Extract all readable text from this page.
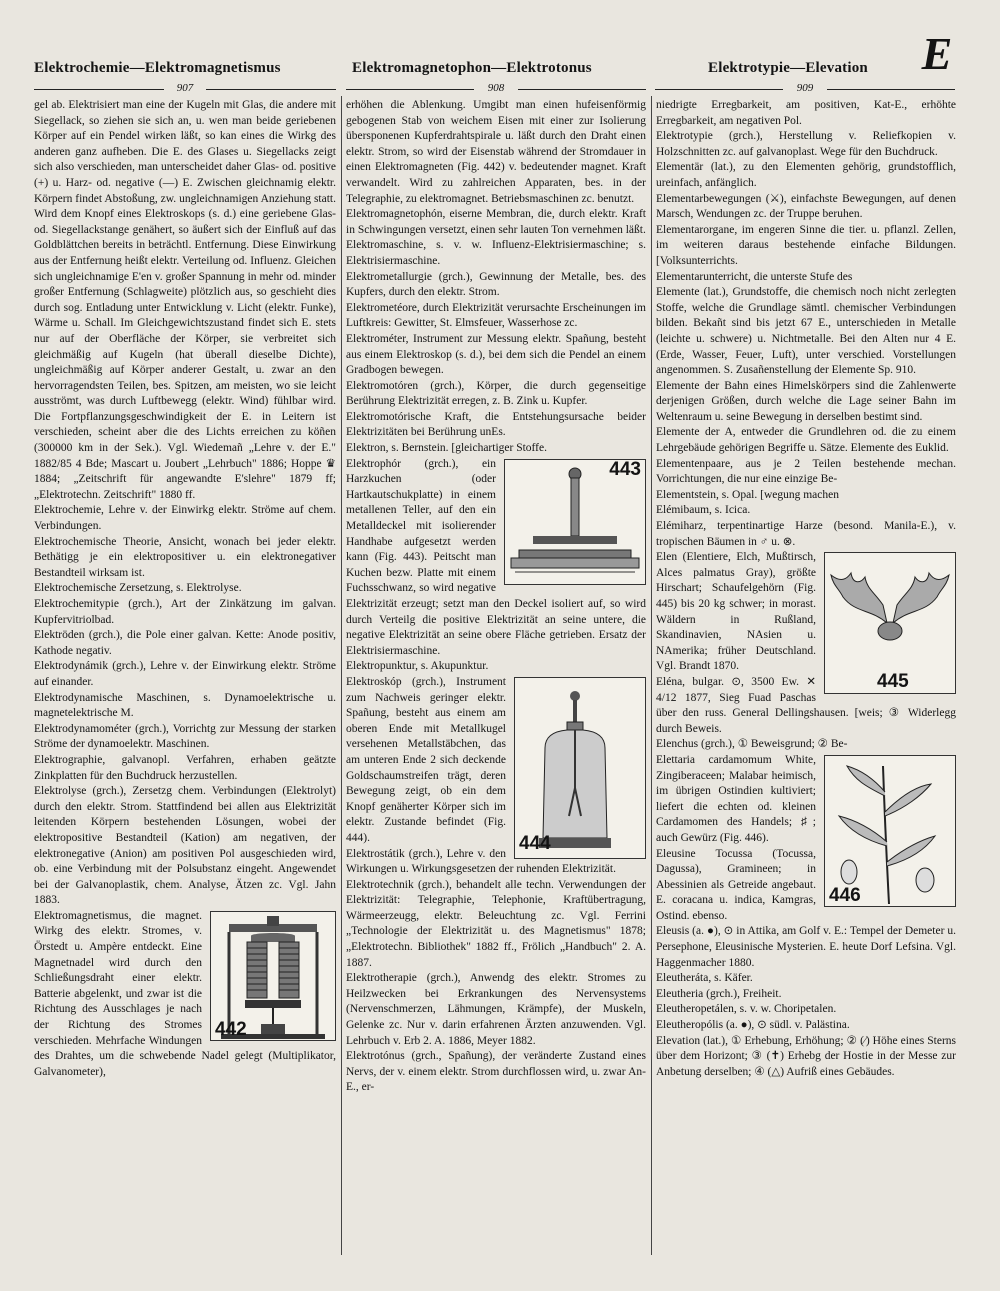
E
Elektrochemie—Elektromagnetismus	Elektromagnetophon—Elektrotonus	Elektrotypie—Elevation
907	908	909

gel ab. Elektrisiert man eine der Kugeln mit Glas, die andere mit Siegellack, so ziehen sie sich an, u. wen man beide geriebenen Körper auf ein Pendel wirken läßt, so kan eines die Wirkg des anderen ganz aufheben. Die E. des Glases u. Siegellacks zeigt sich also verschieden, man unterscheidet daher Glas- od. positive (+) u. Harz- od. negative (—) E. Zwischen gleichnamig elektr. Körpern findet Abstoßung, zw. ungleichnamigen Anziehung statt. Wird dem Knopf eines Elektroskops (s. d.) eine geriebene Glas- od. Siegellackstange genähert, so äußert sich der Einfluß auf das Goldblättchen bereits in beträchtl. Entfernung. Diese Einwirkung aus der Entfernung heißt elektr. Verteilung od. Influenz. Gleichen sich ungleichnamige E'en v. großer Spannung in mehr od. minder großer Entfernung (Schlagweite) plötzlich aus, so geschieht dies durch sog. Entladung unter Entwicklung v. Licht (elektr. Funke), Wärme u. Schall. Im Gleichgewichtszustand findet sich E. stets nur auf der Oberfläche der Körper, sie verbreitet sich gleichmäßig auf Kugeln (hat überall dieselbe Dichte), ungleichmäßig auf Körper anderer Gestalt, u. zwar an den hervorragendsten Teilen, bes. Spitzen, am meisten, wo sie leicht ausströmt, was durch Luftbewegg (elektr. Wind) fühlbar wird. Die Fortpflanzungsgeschwindigkeit der E. in Leitern ist verschieden, scheint aber die des Lichts erreichen zu köñen (300000 km in der Sek.). Vgl. Wiedemañ „Lehre v. der E." 1882/85 4 Bde; Mascart u. Joubert „Lehrbuch" 1886; Hoppe ♛ 1884; „Zeitschrift für angewandte E'slehre" 1879 ff; „Elektrotechn. Zeitschrift" 1880 ff.

Elektrochemie, Lehre v. der Einwirkg elektr. Ströme auf chem. Verbindungen.

Elektrochemische Theorie, Ansicht, wonach bei jeder elektr. Bethätigg je ein elektropositiver u. ein elektronegativer Bestandteil wirksam ist.

Elektrochemische Zersetzung, s. Elektrolyse.

Elektrochemitypie (grch.), Art der Zinkätzung im galvan. Kupfervitriolbad.

Elektröden (grch.), die Pole einer galvan. Kette: Anode positiv, Kathode negativ.

Elektrodynámik (grch.), Lehre v. der Einwirkung elektr. Ströme auf einander.

Elektrodynamische Maschinen, s. Dynamoelektrische u. magnetelektrische M.

Elektrodynamométer (grch.), Vorrichtg zur Messung der starken Ströme der dynamoelektr. Maschinen.

Elektrographie, galvanopl. Verfahren, erhaben geätzte Zinkplatten für den Buchdruck herzustellen.

Elektrolyse (grch.), Zersetzg chem. Verbindungen (Elektrolyt) durch den elektr. Strom. Stattfindend bei allen aus Elektrizität leitenden Körpern bestehenden Lösungen, wobei der elektropositive Bestandteil (Kation) am negativen, der elektronegative (Anion) am positiven Pol ausgeschieden wird, ob. eine Verbindung mit der Polsubstanz eingeht. Angewendet bei der Galvanoplastik, chem. Analyse, Ätzen zc. Vgl. Jahn 1883.

442

Elektromagnetismus, die magnet. Wirkg des elektr. Stromes, v. Örstedt u. Ampère entdeckt. Eine Magnetnadel wird durch den Schließungsdraht einer elektr. Batterie abgelenkt, und zwar ist die Richtung des Ausschlages je nach der Richtung des Stromes verschieden. Mehrfache Windungen des Drahtes, um die schwebende Nadel gelegt (Multiplikator, Galvanometer),

erhöhen die Ablenkung. Umgibt man einen hufeisenförmig gebogenen Stab von weichem Eisen mit einer zur Isolierung übersponenen Kupferdrahtspirale u. läßt durch den Draht einen elektr. Strom, so wird der Eisenstab während der Stromdauer in einen Elektromagneten (Fig. 442) v. bedeutender magnet. Kraft verwandelt. Wird zu zahlreichen Apparaten, bes. in der Telegraphie, zu elektromagnet. Betriebsmaschinen zc. benutzt.

Elektromagnetophón, eiserne Membran, die, durch elektr. Kraft in Schwingungen versetzt, einen sehr lauten Ton vernehmen läßt.

Elektromaschine, s. v. w. Influenz-Elektrisiermaschine; s. Elektrisiermaschine.

Elektrometallurgie (grch.), Gewinnung der Metalle, bes. des Kupfers, durch den elektr. Strom.

Elektrometéore, durch Elektrizität verursachte Erscheinungen im Luftkreis: Gewitter, St. Elmsfeuer, Wasserhose zc.

Elektrométer, Instrument zur Messung elektr. Spañung, besteht aus einem Elektroskop (s. d.), bei dem sich die Pendel an einem Gradbogen bewegen.

Elektromotóren (grch.), Körper, die durch gegenseitige Berührung Elektrizität erregen, z. B. Zink u. Kupfer.

Elektromotórische Kraft, die Entstehungsursache beider Elektrizitäten bei Berührung unEs.

Elektron, s. Bernstein. [gleichartiger Stoffe.

443

Elektrophór (grch.), ein Harzkuchen (oder Hartkautschukplatte) in einem metallenen Teller, auf den ein Metalldeckel mit isolierender Handhabe aufgesetzt werden kann (Fig. 443). Peitscht man Kuchen bezw. Platte mit einem Fuchsschwanz, so wird negative Elektrizität erzeugt; setzt man den Deckel isoliert auf, so wird durch Verteilg die positive Elektrizität an seine untere, die negative Elektrizität an seine obere Fläche getrieben. Ersatz der Elektrisiermaschine.

Elektropunktur, s. Akupunktur.

444

Elektroskóp (grch.), Instrument zum Nachweis geringer elektr. Spañung, besteht aus einem am oberen Ende mit Metallkugel versehenen Metallstäbchen, das am unteren Ende 2 sich deckende Goldschaumstreifen trägt, deren Bewegung zeigt, ob ein dem Knopf genäherter Körper sich im elektr. Zustande befindet (Fig. 444).

Elektrostátik (grch.), Lehre v. den Wirkungen u. Wirkungsgesetzen der ruhenden Elektrizität.

Elektrotechnik (grch.), behandelt alle techn. Verwendungen der Elektrizität: Telegraphie, Telephonie, Kraftübertragung, Wärmeerzeugg, elektr. Beleuchtung zc. Vgl. Ferrini „Technologie der Elektrizität u. des Magnetismus" 1878; „Elektrotechn. Bibliothek" 1882 ff., Frölich „Handbuch" 2. A. 1887.

Elektrotherapie (grch.), Anwendg des elektr. Stromes zu Heilzwecken bei Erkrankungen des Nervensystems (Nervenschmerzen, Lähmungen, Krämpfe), der Muskeln, Gelenke zc. Nur v. darin erfahrenen Ärzten anzuwenden. Vgl. Lehrbuch v. Erb 2. A. 1886, Meyer 1882.

Elektrotónus (grch., Spañung), der veränderte Zustand eines Nervs, der v. einem elektr. Strom durchflossen wird, u. zwar An-E., er-

niedrigte Erregbarkeit, am positiven, Kat-E., erhöhte Erregbarkeit, am negativen Pol.

Elektrotypie (grch.), Herstellung v. Reliefkopien v. Holzschnitten zc. auf galvanoplast. Wege für den Buchdruck.

Elementär (lat.), zu den Elementen gehörig, grundstofflich, ureinfach, anfänglich.

Elementarbewegungen (⚔), einfachste Bewegungen, auf denen Marsch, Wendungen zc. der Truppe beruhen.

Elementarorgane, im engeren Sinne die tier. u. pflanzl. Zellen, im weiteren daraus bestehende einfache Bildungen. [Volksunterrichts.

Elementarunterricht, die unterste Stufe des

Elemente (lat.), Grundstoffe, die chemisch noch nicht zerlegten Stoffe, welche die Grundlage sämtl. chemischer Verbindungen bilden. Bekañt sind bis jetzt 67 E., unterschieden in Metalle (leichte u. schwere) u. Nichtmetalle. Bei den Alten nur 4 E. (Erde, Wasser, Feuer, Luft), unter verschied. Vorstellungen angenommen. S. Zusañenstellung der Elemente Sp. 910.

Elemente der Bahn eines Himelskörpers sind die Zahlenwerte derjenigen Größen, durch welche die Lage seiner Bahn im Weltenraum u. seine Bewegung in derselben bestimt sind.

Elemente der A, entweder die Grundlehren od. die zu einem Lehrgebäude gehörigen Begriffe u. Sätze. Elemente des Euklid.

Elementenpaare, aus je 2 Teilen bestehende mechan. Vorrichtungen, die nur eine einzige Be-

Elementstein, s. Opal. [wegung machen

Elémibaum, s. Icica.

Elémiharz, terpentinartige Harze (besond. Manila-E.), v. tropischen Bäumen in ♂ u. ⊗.

445

Elen (Elentiere, Elch, Mußtirsch, Alces palmatus Gray), größte Hirschart; Schaufelgehörn (Fig. 445) bis 20 kg schwer; in morast. Wäldern in Rußland, Skandinavien, NAsien u. NAmerika; früher Deutschland. Vgl. Brandt 1870.

Eléna, bulgar. ⊙, 3500 Ew. ✕ 4/12 1877, Sieg Fuad Paschas über den russ. General Dellingshausen. [weis; ③ Widerlegg durch Beweis.

Elenchus (grch.), ① Beweisgrund; ② Be-

446

Elettaria cardamomum White, Zingiberaceen; Malabar heimisch, im übrigen Ostindien kultiviert; liefert die echten od. kleinen Cardamomen des Handels; ♯; auch Gewürz (Fig. 446).

Eleusine Tocussa (Tocussa, Dagussa), Gramineen; in Abessinien als Getreide angebaut. E. coracana u. indica, Kamgras, Ostind. ebenso.

Eleusis (a. ●), ⊙ in Attika, am Golf v. E.: Tempel der Demeter u. Persephone, Eleusinische Mysterien. E. heute Dorf Lefsina. Vgl. Haggenmacher 1880.

Eleutheráta, s. Käfer.

Eleutheria (grch.), Freiheit.

Eleutheropetálen, s. v. w. Choripetalen.

Eleutheropólis (a. ●), ⊙ südl. v. Palästina.

Elevation (lat.), ① Erhebung, Erhöhung; ② (⁄) Höhe eines Sterns über dem Horizont; ③ (✝) Erhebg der Hostie in der Messe zur Anbetung derselben; ④ (△) Aufriß eines Gebäudes.
